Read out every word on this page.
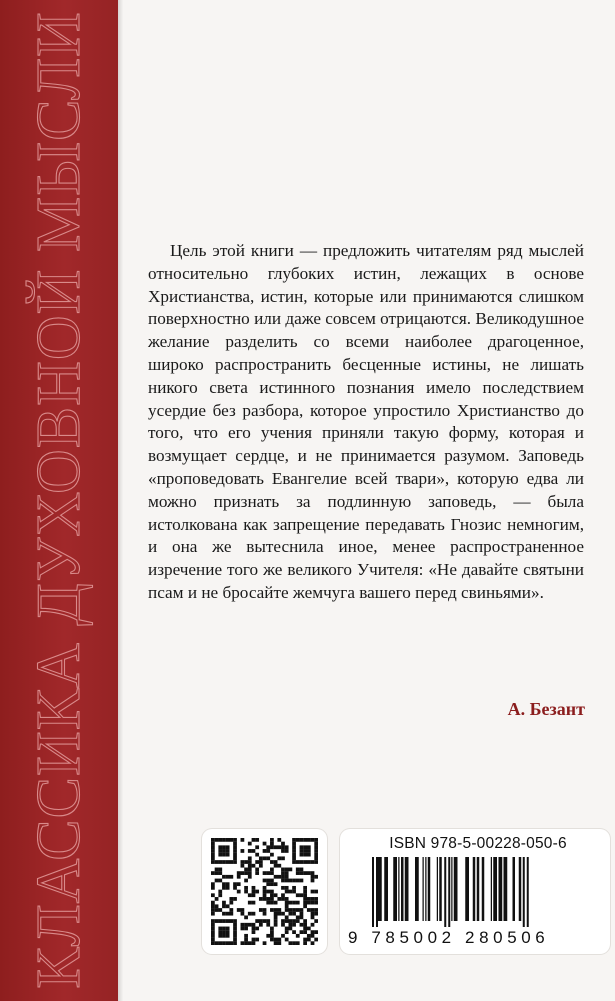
КЛАССИКА ДУХОВНОЙ МЫСЛИ	Цель этой книги — предложить читателям ряд мыслей относительно глубоких истин, лежащих в основе Христианства, истин, которые или принимаются слишком поверхностно или даже совсем отрицаются. Великодушное желание разделить со всеми наиболее драгоценное, широко распространить бесценные истины, не лишать никого света истинного познания имело последствием усердие без разбора, которое упростило Христианство до того, что его учения приняли такую форму, которая и возмущает сердце, и не принимается разумом. Заповедь «проповедовать Евангелие всей твари», которую едва ли можно признать за подлинную заповедь, — была истолкована как запрещение передавать Гнозис немногим, и она же вытеснила иное, менее распространенное изречение того же великого Учителя: «Не давайте святыни псам и не бросайте жемчуга вашего перед свиньями».

А. Безант

ISBN 978-5-00228-050-6
9 785002 280506
